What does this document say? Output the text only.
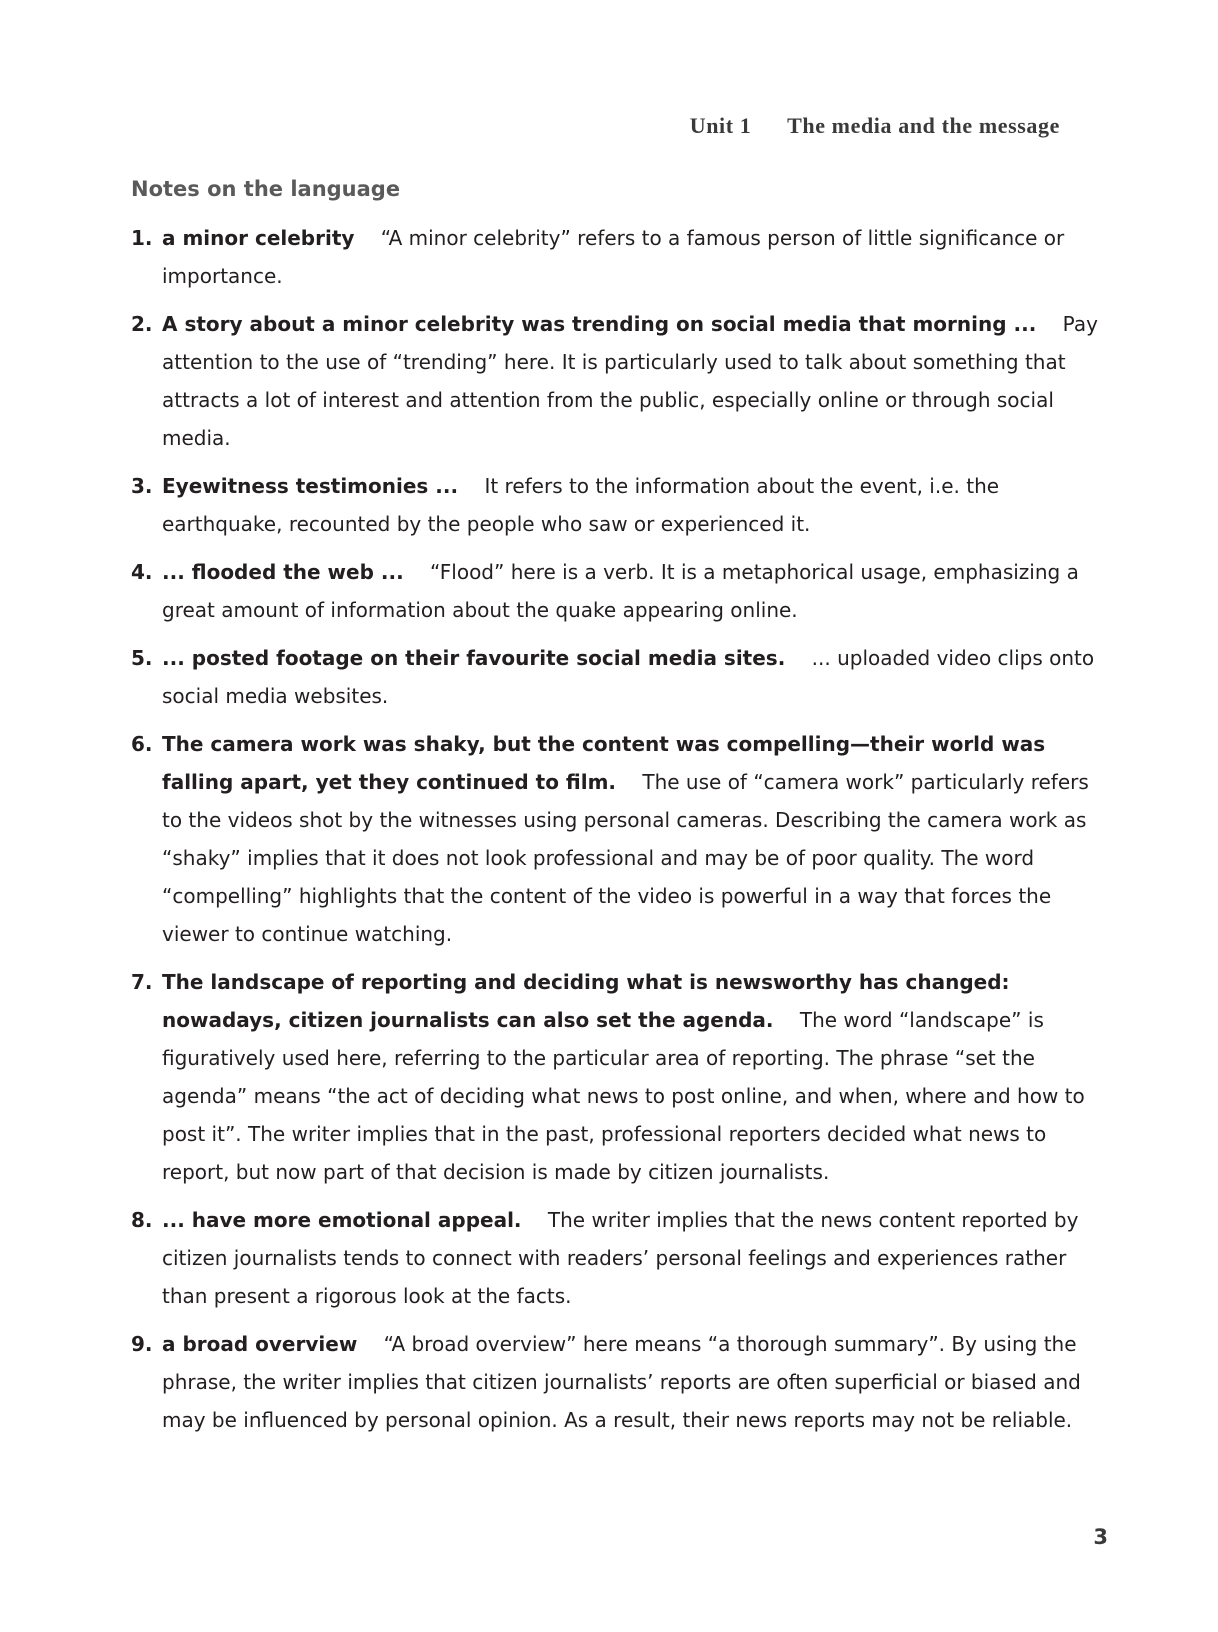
Unit 1 The media and the message
Notes on the language
1. a minor celebrity “A minor celebrity” refers to a famous person of little significance or importance.
2. A story about a minor celebrity was trending on social media that morning ... Pay attention to the use of “trending” here. It is particularly used to talk about something that attracts a lot of interest and attention from the public, especially online or through social media.
3. Eyewitness testimonies ... It refers to the information about the event, i.e. the earthquake, recounted by the people who saw or experienced it.
4. ... flooded the web ... “Flood” here is a verb. It is a metaphorical usage, emphasizing a great amount of information about the quake appearing online.
5. ... posted footage on their favourite social media sites. ... uploaded video clips onto social media websites.
6. The camera work was shaky, but the content was compelling—their world was falling apart, yet they continued to film. The use of “camera work” particularly refers to the videos shot by the witnesses using personal cameras. Describing the camera work as “shaky” implies that it does not look professional and may be of poor quality. The word “compelling” highlights that the content of the video is powerful in a way that forces the viewer to continue watching.
7. The landscape of reporting and deciding what is newsworthy has changed: nowadays, citizen journalists can also set the agenda. The word “landscape” is figuratively used here, referring to the particular area of reporting. The phrase “set the agenda” means “the act of deciding what news to post online, and when, where and how to post it”. The writer implies that in the past, professional reporters decided what news to report, but now part of that decision is made by citizen journalists.
8. ... have more emotional appeal. The writer implies that the news content reported by citizen journalists tends to connect with readers’ personal feelings and experiences rather than present a rigorous look at the facts.
9. a broad overview “A broad overview” here means “a thorough summary”. By using the phrase, the writer implies that citizen journalists’ reports are often superficial or biased and may be influenced by personal opinion. As a result, their news reports may not be reliable.
3
